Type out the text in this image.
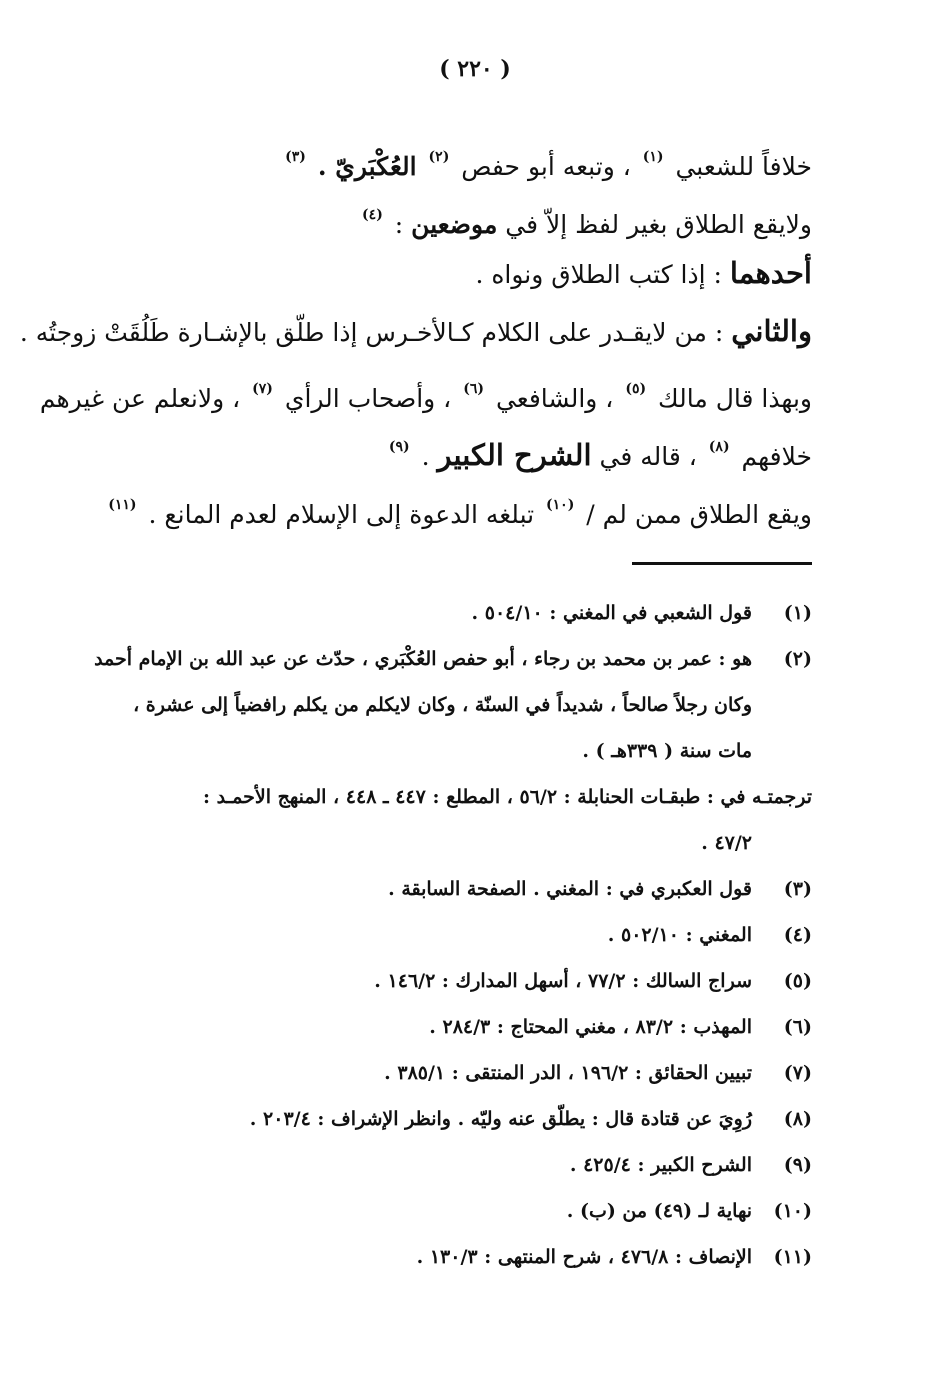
( ٢٢٠ )
خلافاً للشعبي $^{(١)}$ ، وتبعه أبو حفص $^{(٢)}$ العُكْبَريّ . $^{(٣)}$
ولايقع الطلاق بغير لفظ إلاّ في موضعين : $^{(٤)}$
أحدهما : إذا كتب الطلاق ونواه .
والثاني : من لايقـدر على الكلام كـالأخـرس إذا طلّق بالإشـارة طَلُقَتْ زوجتُه .
وبهذا قال مالك $^{(٥)}$ ، والشافعي $^{(٦)}$ ، وأصحاب الرأي $^{(٧)}$ ، ولانعلم عن غيرهم
خلافهم $^{(٨)}$ ، قاله في الشرح الكبير . $^{(٩)}$
ويقع الطلاق ممن لم / $^{(١٠)}$ تبلغه الدعوة إلى الإسلام لعدم المانع . $^{(١١)}$
(١)
قول الشعبي في المغني : ٥٠٤/١٠ .
(٢)
هو : عمر بن محمد بن رجاء ، أبو حفص العُكْبَري ، حدّث عن عبد الله بن الإمام أحمد
وكان رجلاً صالحاً ، شديداً في السنّة ، وكان لايكلم من يكلم رافضياً إلى عشرة ،
مات سنة ( ٣٣٩هـ ) .
ترجمتـه في : طبقـات الحنابلة : ٥٦/٢ ، المطلع : ٤٤٧ ـ ٤٤٨ ، المنهج الأحمـد :
٤٧/٢ .
(٣)
قول العكبري في : المغني . الصفحة السابقة .
(٤)
المغني : ٥٠٢/١٠ .
(٥)
سراج السالك : ٧٧/٢ ، أسهل المدارك : ١٤٦/٢ .
(٦)
المهذب : ٨٣/٢ ، مغني المحتاج : ٢٨٤/٣ .
(٧)
تبيين الحقائق : ١٩٦/٢ ، الدر المنتقى : ٣٨٥/١ .
(٨)
رُوِيَ عن قتادة قال : يطلّق عنه وليّه . وانظر الإشراف : ٢٠٣/٤ .
(٩)
الشرح الكبير : ٤٢٥/٤ .
(١٠)
نهاية لـ (٤٩) من (ب) .
(١١)
الإنصاف : ٤٧٦/٨ ، شرح المنتهى : ١٣٠/٣ .
